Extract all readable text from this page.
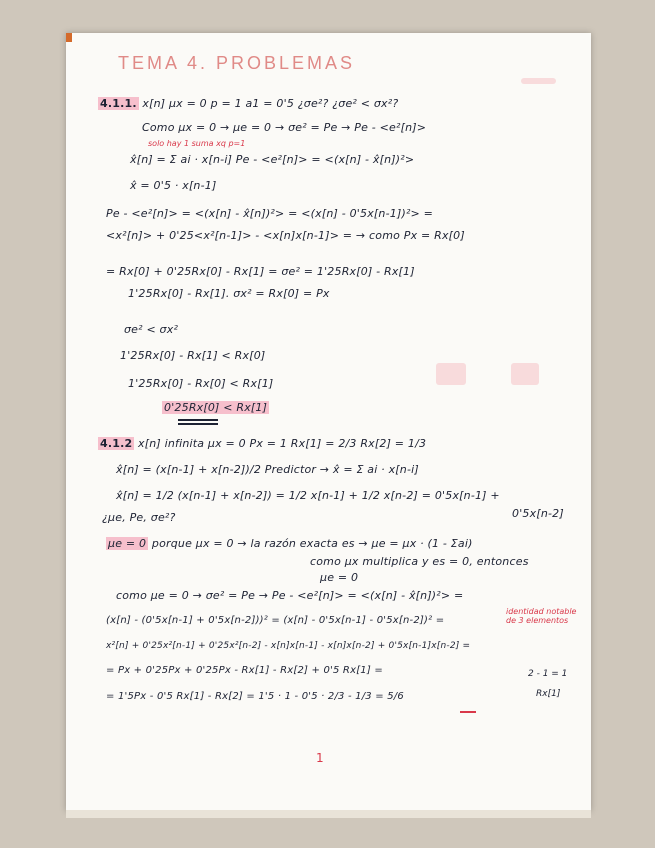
TEMA 4. PROBLEMAS
4.1.1. x[n] μx = 0 p = 1 a1 = 0'5 ¿σe²? ¿σe² < σx²?
Como μx = 0 → μe = 0 → σe² = Pe → Pe - <e²[n]>
solo hay 1 suma xq p=1
x̂[n] = Σ ai · x[n-i] Pe - <e²[n]> = <(x[n] - x̂[n])²>
x̂ = 0'5 · x[n-1]
Pe - <e²[n]> = <(x[n] - x̂[n])²> = <(x[n] - 0'5x[n-1])²> =
<x²[n]> + 0'25<x²[n-1]> - <x[n]x[n-1]> = → como Px = Rx[0]
= Rx[0] + 0'25Rx[0] - Rx[1] = σe² = 1'25Rx[0] - Rx[1]
1'25Rx[0] - Rx[1]. σx² = Rx[0] = Px
σe² < σx²
1'25Rx[0] - Rx[1] < Rx[0]
1'25Rx[0] - Rx[0] < Rx[1]
0'25Rx[0] < Rx[1]
4.1.2 x[n] infinita μx = 0 Px = 1 Rx[1] = 2/3 Rx[2] = 1/3
x̂[n] = (x[n-1] + x[n-2])/2 Predictor → x̂ = Σ ai · x[n-i]
x̂[n] = 1/2 (x[n-1] + x[n-2]) = 1/2 x[n-1] + 1/2 x[n-2] = 0'5x[n-1] +
0'5x[n-2]
¿μe, Pe, σe²?
μe = 0 porque μx = 0 → la razón exacta es → μe = μx · (1 - Σai)
como μx multiplica y es = 0, entonces
μe = 0
como μe = 0 → σe² = Pe → Pe - <e²[n]> = <(x[n] - x̂[n])²> =
identidad notable de 3 elementos
(x[n] - (0'5x[n-1] + 0'5x[n-2]))² = (x[n] - 0'5x[n-1] - 0'5x[n-2])² =
x²[n] + 0'25x²[n-1] + 0'25x²[n-2] - x[n]x[n-1] - x[n]x[n-2] + 0'5x[n-1]x[n-2] =
= Px + 0'25Px + 0'25Px - Rx[1] - Rx[2] + 0'5 Rx[1] =	2 - 1 = 1
= 1'5Px - 0'5 Rx[1] - Rx[2] = 1'5 · 1 - 0'5 · 2/3 - 1/3 = 5/6	Rx[1]
1
